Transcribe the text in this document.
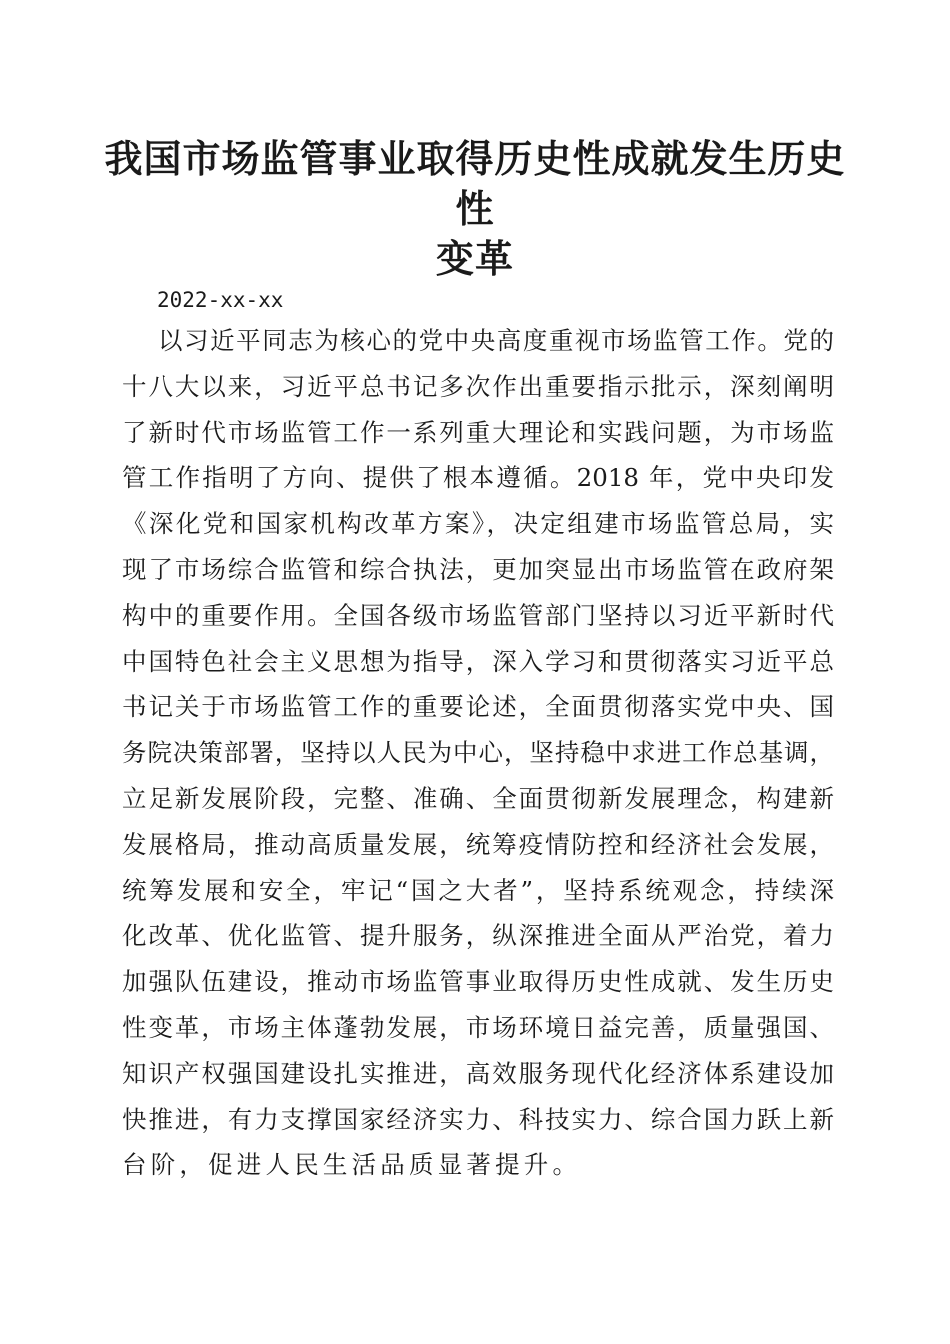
我国市场监管事业取得历史性成就发生历史性
变革
2022-xx-xx
以习近平同志为核心的党中央高度重视市场监管工作。党的
十八大以来，习近平总书记多次作出重要指示批示，深刻阐明
了新时代市场监管工作一系列重大理论和实践问题，为市场监
管工作指明了方向、提供了根本遵循。2018 年，党中央印发
《深化党和国家机构改革方案》，决定组建市场监管总局，实
现了市场综合监管和综合执法，更加突显出市场监管在政府架
构中的重要作用。全国各级市场监管部门坚持以习近平新时代
中国特色社会主义思想为指导，深入学习和贯彻落实习近平总
书记关于市场监管工作的重要论述，全面贯彻落实党中央、国
务院决策部署，坚持以人民为中心，坚持稳中求进工作总基调，
立足新发展阶段，完整、准确、全面贯彻新发展理念，构建新
发展格局，推动高质量发展，统筹疫情防控和经济社会发展，
统筹发展和安全，牢记“国之大者”，坚持系统观念，持续深
化改革、优化监管、提升服务，纵深推进全面从严治党，着力
加强队伍建设，推动市场监管事业取得历史性成就、发生历史
性变革，市场主体蓬勃发展，市场环境日益完善，质量强国、
知识产权强国建设扎实推进，高效服务现代化经济体系建设加
快推进，有力支撑国家经济实力、科技实力、综合国力跃上新
台阶，促进人民生活品质显著提升。
